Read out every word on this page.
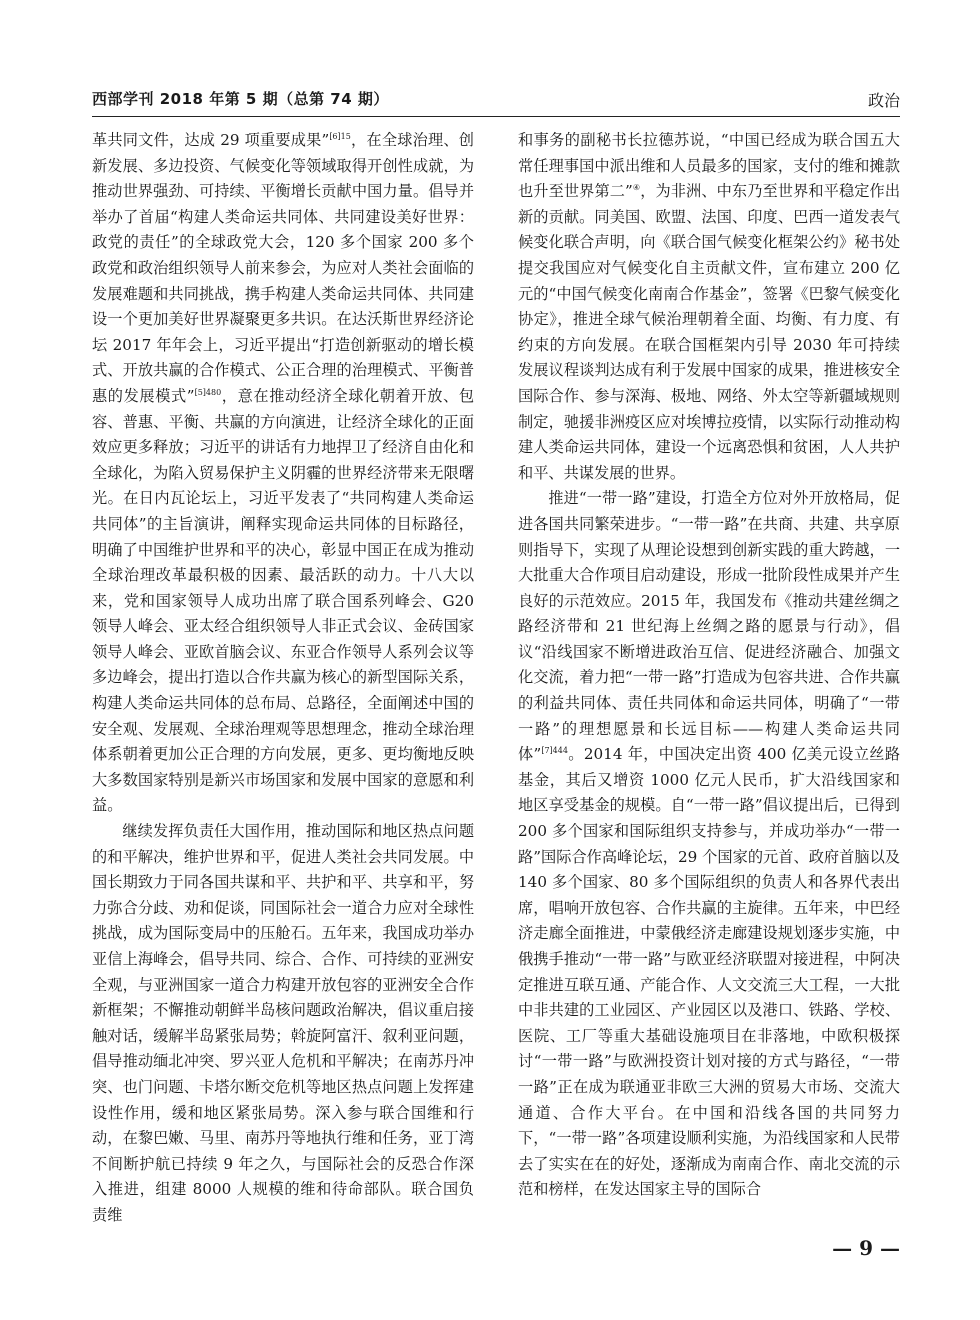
西部学刊 2018 年第 5 期（总第 74 期）	政治

革共同文件，达成 29 项重要成果”$^{[6]15}$，在全球治理、创新发展、多边投资、气候变化等领域取得开创性成就，为推动世界强劲、可持续、平衡增长贡献中国力量。倡导并举办了首届“构建人类命运共同体、共同建设美好世界：政党的责任”的全球政党大会，120 多个国家 200 多个政党和政治组织领导人前来参会，为应对人类社会面临的发展难题和共同挑战，携手构建人类命运共同体、共同建设一个更加美好世界凝聚更多共识。在达沃斯世界经济论坛 2017 年年会上，习近平提出“打造创新驱动的增长模式、开放共赢的合作模式、公正合理的治理模式、平衡普惠的发展模式”$^{[5]480}$，意在推动经济全球化朝着开放、包容、普惠、平衡、共赢的方向演进，让经济全球化的正面效应更多释放；习近平的讲话有力地捍卫了经济自由化和全球化，为陷入贸易保护主义阴霾的世界经济带来无限曙光。在日内瓦论坛上，习近平发表了“共同构建人类命运共同体”的主旨演讲，阐释实现命运共同体的目标路径，明确了中国维护世界和平的决心，彰显中国正在成为推动全球治理改革最积极的因素、最活跃的动力。十八大以来，党和国家领导人成功出席了联合国系列峰会、G20 领导人峰会、亚太经合组织领导人非正式会议、金砖国家领导人峰会、亚欧首脑会议、东亚合作领导人系列会议等多边峰会，提出打造以合作共赢为核心的新型国际关系，构建人类命运共同体的总布局、总路径，全面阐述中国的安全观、发展观、全球治理观等思想理念，推动全球治理体系朝着更加公正合理的方向发展，更多、更均衡地反映大多数国家特别是新兴市场国家和发展中国家的意愿和利益。

继续发挥负责任大国作用，推动国际和地区热点问题的和平解决，维护世界和平，促进人类社会共同发展。中国长期致力于同各国共谋和平、共护和平、共享和平，努力弥合分歧、劝和促谈，同国际社会一道合力应对全球性挑战，成为国际变局中的压舱石。五年来，我国成功举办亚信上海峰会，倡导共同、综合、合作、可持续的亚洲安全观，与亚洲国家一道合力构建开放包容的亚洲安全合作新框架；不懈推动朝鲜半岛核问题政治解决，倡议重启接触对话，缓解半岛紧张局势；斡旋阿富汗、叙利亚问题，倡导推动缅北冲突、罗兴亚人危机和平解决；在南苏丹冲突、也门问题、卡塔尔断交危机等地区热点问题上发挥建设性作用，缓和地区紧张局势。深入参与联合国维和行动，在黎巴嫩、马里、南苏丹等地执行维和任务，亚丁湾不间断护航已持续 9 年之久，与国际社会的反恐合作深入推进，组建 8000 人规模的维和待命部队。联合国负责维

和事务的副秘书长拉德苏说，“中国已经成为联合国五大常任理事国中派出维和人员最多的国家，支付的维和摊款也升至世界第二”④，为非洲、中东乃至世界和平稳定作出新的贡献。同美国、欧盟、法国、印度、巴西一道发表气候变化联合声明，向《联合国气候变化框架公约》秘书处提交我国应对气候变化自主贡献文件，宣布建立 200 亿元的“中国气候变化南南合作基金”，签署《巴黎气候变化协定》，推进全球气候治理朝着全面、均衡、有力度、有约束的方向发展。在联合国框架内引导 2030 年可持续发展议程谈判达成有利于发展中国家的成果，推进核安全国际合作、参与深海、极地、网络、外太空等新疆域规则制定，驰援非洲疫区应对埃博拉疫情，以实际行动推动构建人类命运共同体，建设一个远离恐惧和贫困，人人共护和平、共谋发展的世界。

推进“一带一路”建设，打造全方位对外开放格局，促进各国共同繁荣进步。“一带一路”在共商、共建、共享原则指导下，实现了从理论设想到创新实践的重大跨越，一大批重大合作项目启动建设，形成一批阶段性成果并产生良好的示范效应。2015 年，我国发布《推动共建丝绸之路经济带和 21 世纪海上丝绸之路的愿景与行动》，倡议“沿线国家不断增进政治互信、促进经济融合、加强文化交流，着力把“一带一路”打造成为包容共进、合作共赢的利益共同体、责任共同体和命运共同体，明确了“一带一路”的理想愿景和长远目标——构建人类命运共同体”$^{[7]444}$。2014 年，中国决定出资 400 亿美元设立丝路基金，其后又增资 1000 亿元人民币，扩大沿线国家和地区享受基金的规模。自“一带一路”倡议提出后，已得到 200 多个国家和国际组织支持参与，并成功举办“一带一路”国际合作高峰论坛，29 个国家的元首、政府首脑以及 140 多个国家、80 多个国际组织的负责人和各界代表出席，唱响开放包容、合作共赢的主旋律。五年来，中巴经济走廊全面推进，中蒙俄经济走廊建设规划逐步实施，中俄携手推动“一带一路”与欧亚经济联盟对接进程，中阿决定推进互联互通、产能合作、人文交流三大工程，一大批中非共建的工业园区、产业园区以及港口、铁路、学校、医院、工厂等重大基础设施项目在非落地，中欧积极探讨“一带一路”与欧洲投资计划对接的方式与路径，“一带一路”正在成为联通亚非欧三大洲的贸易大市场、交流大通道、合作大平台。在中国和沿线各国的共同努力下，“一带一路”各项建设顺利实施，为沿线国家和人民带去了实实在在的好处，逐渐成为南南合作、南北交流的示范和榜样，在发达国家主导的国际合

— 9 —
